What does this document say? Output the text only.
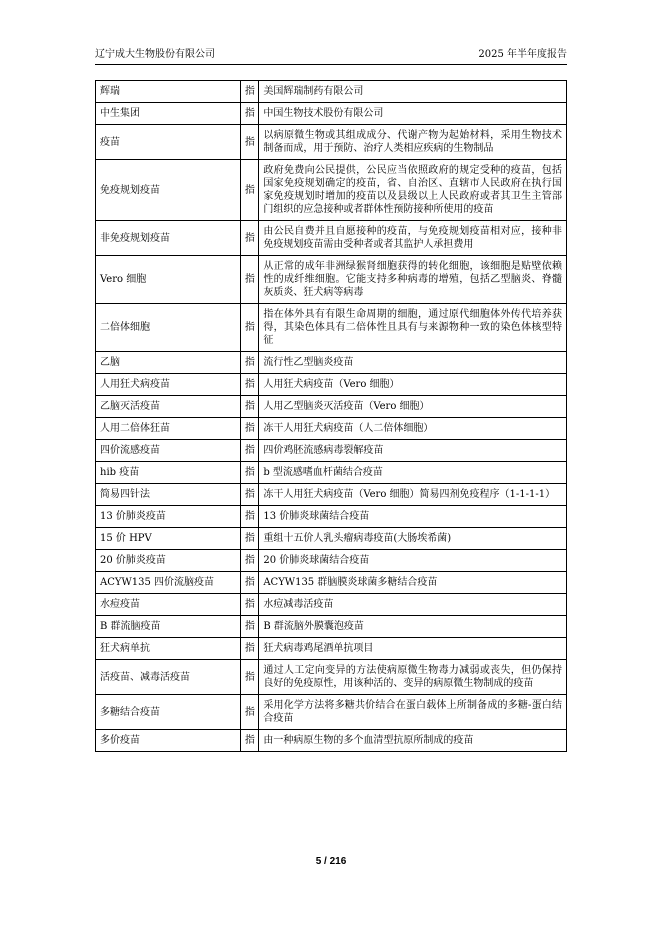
辽宁成大生物股份有限公司	2025 年半年度报告
辉瑞	指	美国辉瑞制药有限公司
中生集团	指	中国生物技术股份有限公司
疫苗	指	以病原微生物或其组成成分、代谢产物为起始材料，采用生物技术制备而成，用于预防、治疗人类相应疾病的生物制品
免疫规划疫苗	指	政府免费向公民提供，公民应当依照政府的规定受种的疫苗，包括国家免疫规划确定的疫苗，省、自治区、直辖市人民政府在执行国家免疫规划时增加的疫苗以及县级以上人民政府或者其卫生主管部门组织的应急接种或者群体性预防接种所使用的疫苗
非免疫规划疫苗	指	由公民自费并且自愿接种的疫苗，与免疫规划疫苗相对应，接种非免疫规划疫苗需由受种者或者其监护人承担费用
Vero 细胞	指	从正常的成年非洲绿猴肾细胞获得的转化细胞，该细胞是贴壁依赖性的成纤维细胞。它能支持多种病毒的增殖，包括乙型脑炎、脊髓灰质炎、狂犬病等病毒
二倍体细胞	指	指在体外具有有限生命周期的细胞，通过原代细胞体外传代培养获得，其染色体具有二倍体性且具有与来源物种一致的染色体核型特征
乙脑	指	流行性乙型脑炎疫苗
人用狂犬病疫苗	指	人用狂犬病疫苗（Vero 细胞）
乙脑灭活疫苗	指	人用乙型脑炎灭活疫苗（Vero 细胞）
人用二倍体狂苗	指	冻干人用狂犬病疫苗（人二倍体细胞）
四价流感疫苗	指	四价鸡胚流感病毒裂解疫苗
hib 疫苗	指	b 型流感嗜血杆菌结合疫苗
简易四针法	指	冻干人用狂犬病疫苗（Vero 细胞）简易四剂免疫程序（1-1-1-1）
13 价肺炎疫苗	指	13 价肺炎球菌结合疫苗
15 价 HPV	指	重组十五价人乳头瘤病毒疫苗(大肠埃希菌)
20 价肺炎疫苗	指	20 价肺炎球菌结合疫苗
ACYW135 四价流脑疫苗	指	ACYW135 群脑膜炎球菌多糖结合疫苗
水痘疫苗	指	水痘减毒活疫苗
B 群流脑疫苗	指	B 群流脑外膜囊泡疫苗
狂犬病单抗	指	狂犬病毒鸡尾酒单抗项目
活疫苗、减毒活疫苗	指	通过人工定向变异的方法使病原微生物毒力减弱或丧失，但仍保持良好的免疫原性，用该种活的、变异的病原微生物制成的疫苗
多糖结合疫苗	指	采用化学方法将多糖共价结合在蛋白载体上所制备成的多糖-蛋白结合疫苗
多价疫苗	指	由一种病原生物的多个血清型抗原所制成的疫苗
5 / 216
